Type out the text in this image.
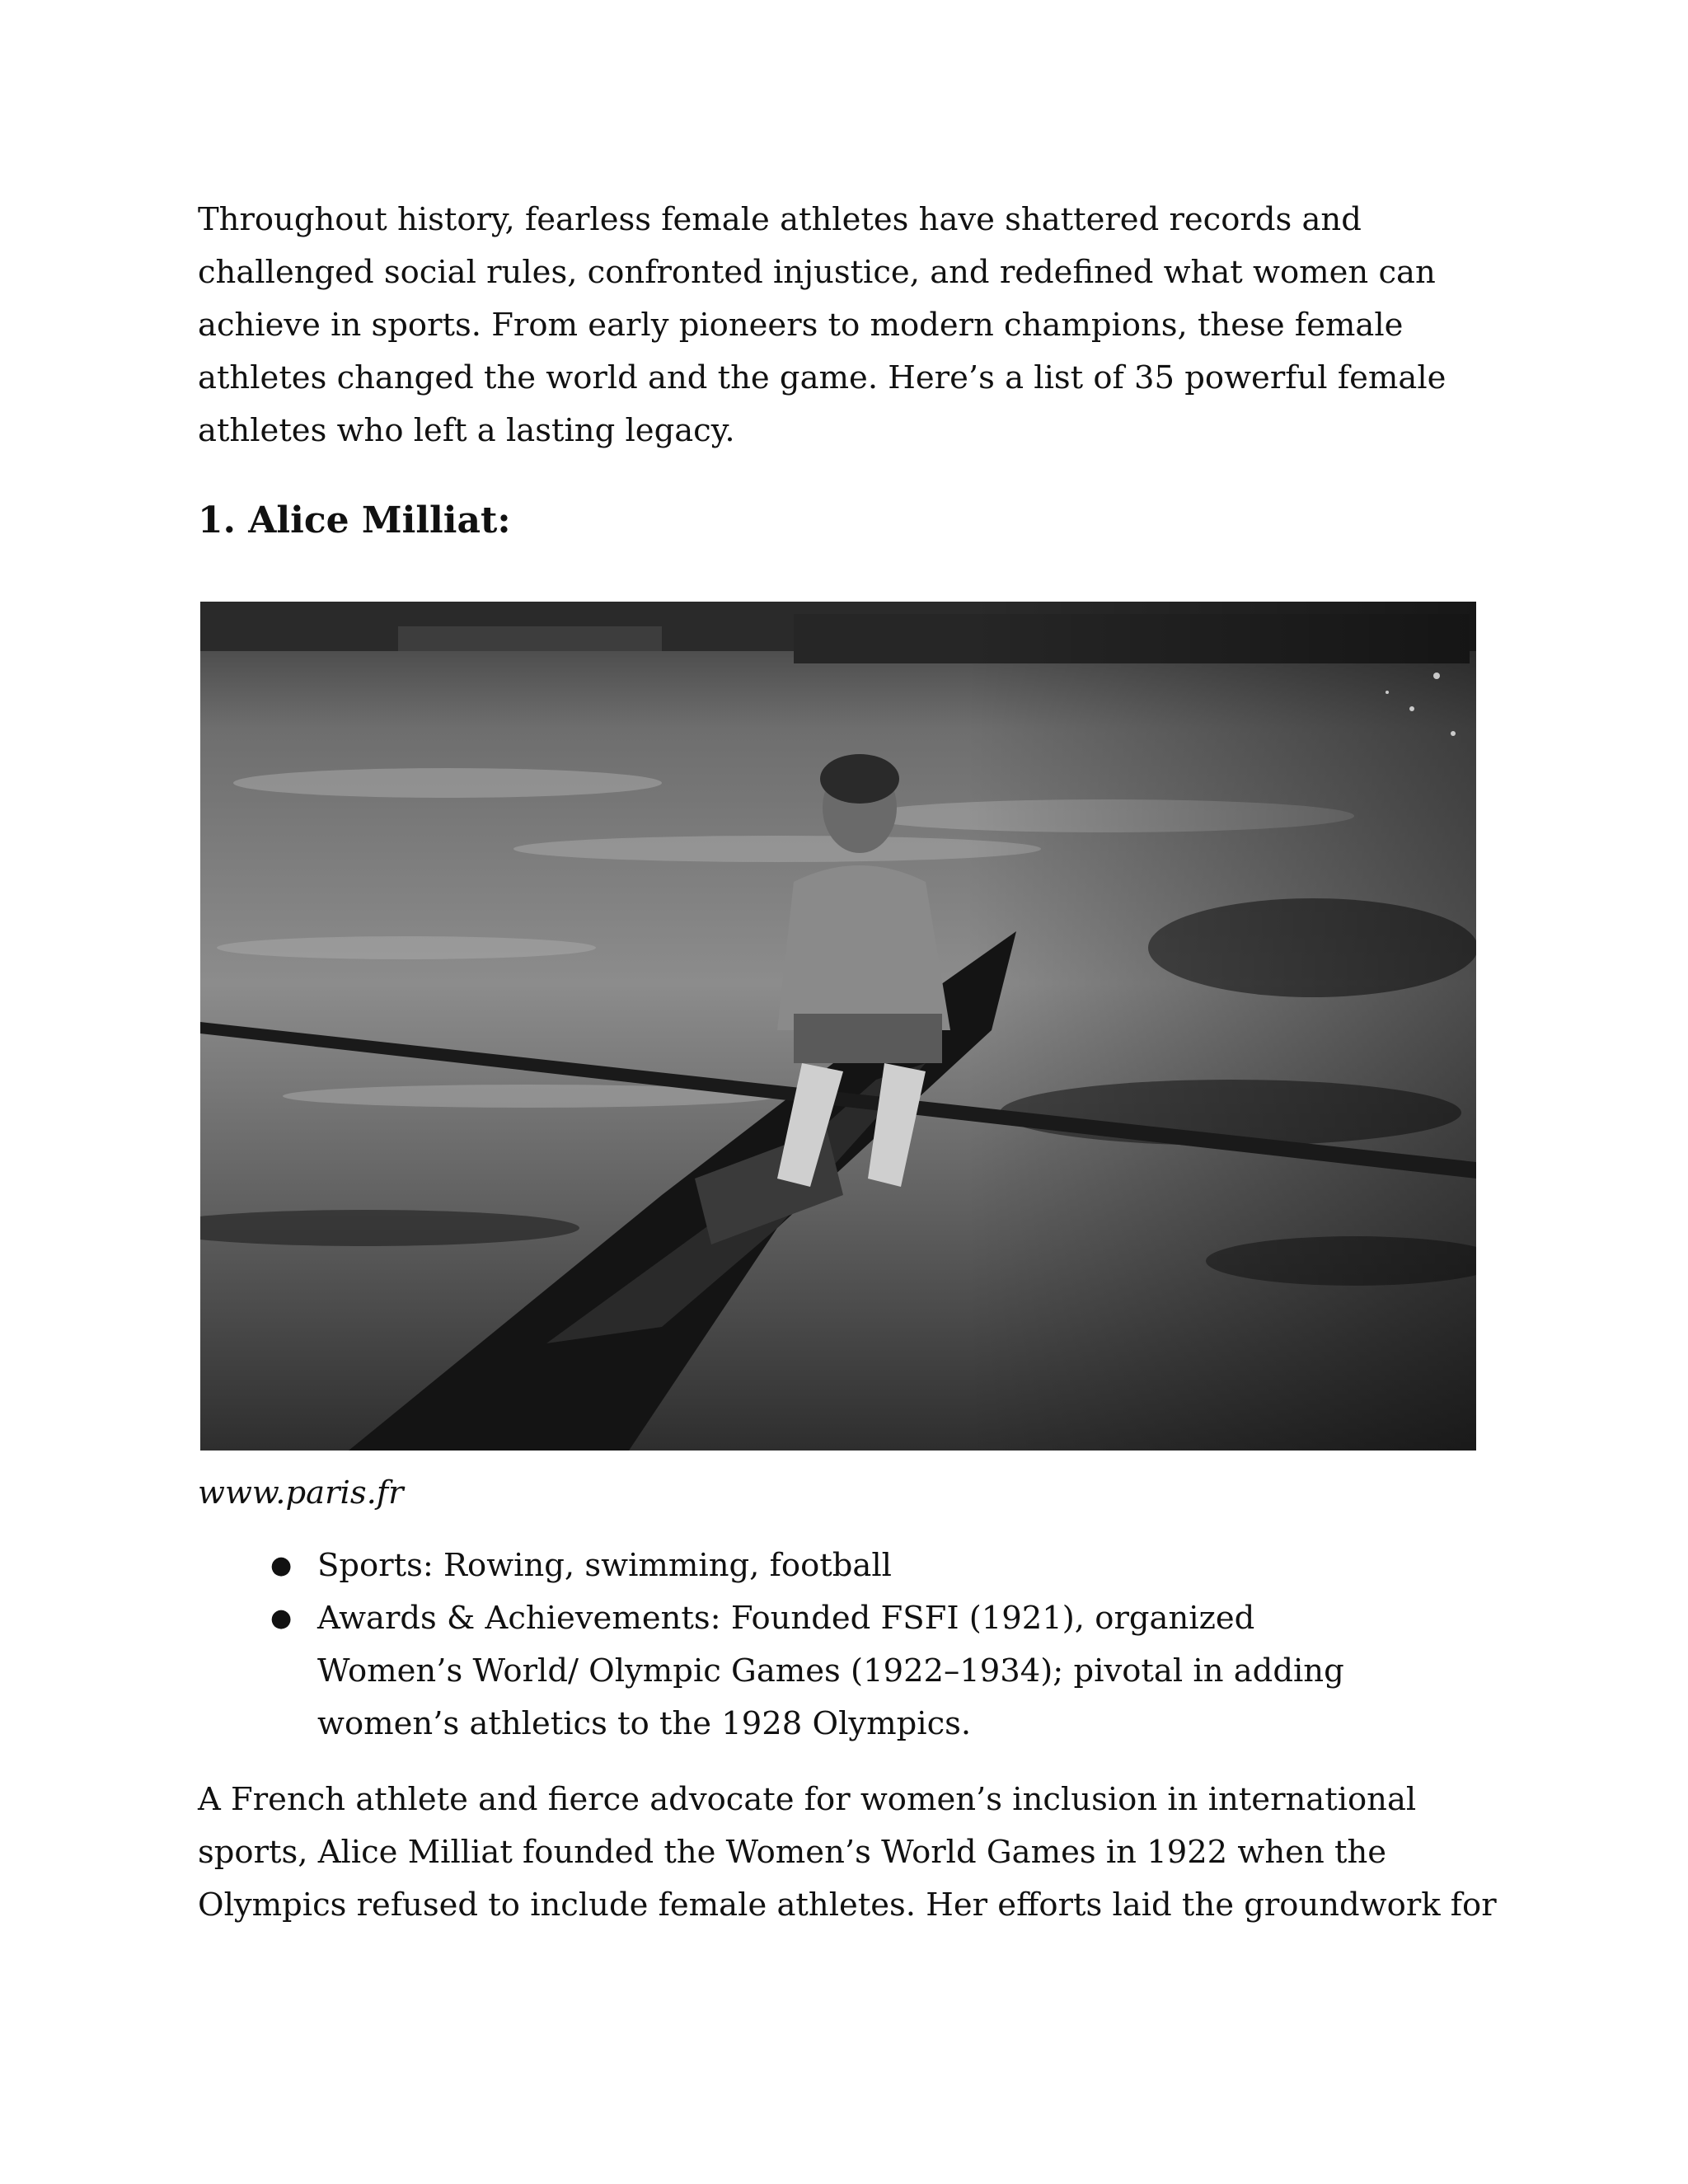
Throughout history, fearless female athletes have shattered records and challenged social rules, confronted injustice, and redefined what women can achieve in sports. From early pioneers to modern champions, these female athletes changed the world and the game. Here’s a list of 35 powerful female athletes who left a lasting legacy.

1. Alice Milliat:

www.paris.fr

● Sports: Rowing, swimming, football
● Awards & Achievements: Founded FSFI (1921), organized Women’s World/ Olympic Games (1922–1934); pivotal in adding women’s athletics to the 1928 Olympics.

A French athlete and fierce advocate for women’s inclusion in international sports, Alice Milliat founded the Women’s World Games in 1922 when the Olympics refused to include female athletes. Her efforts laid the groundwork for
